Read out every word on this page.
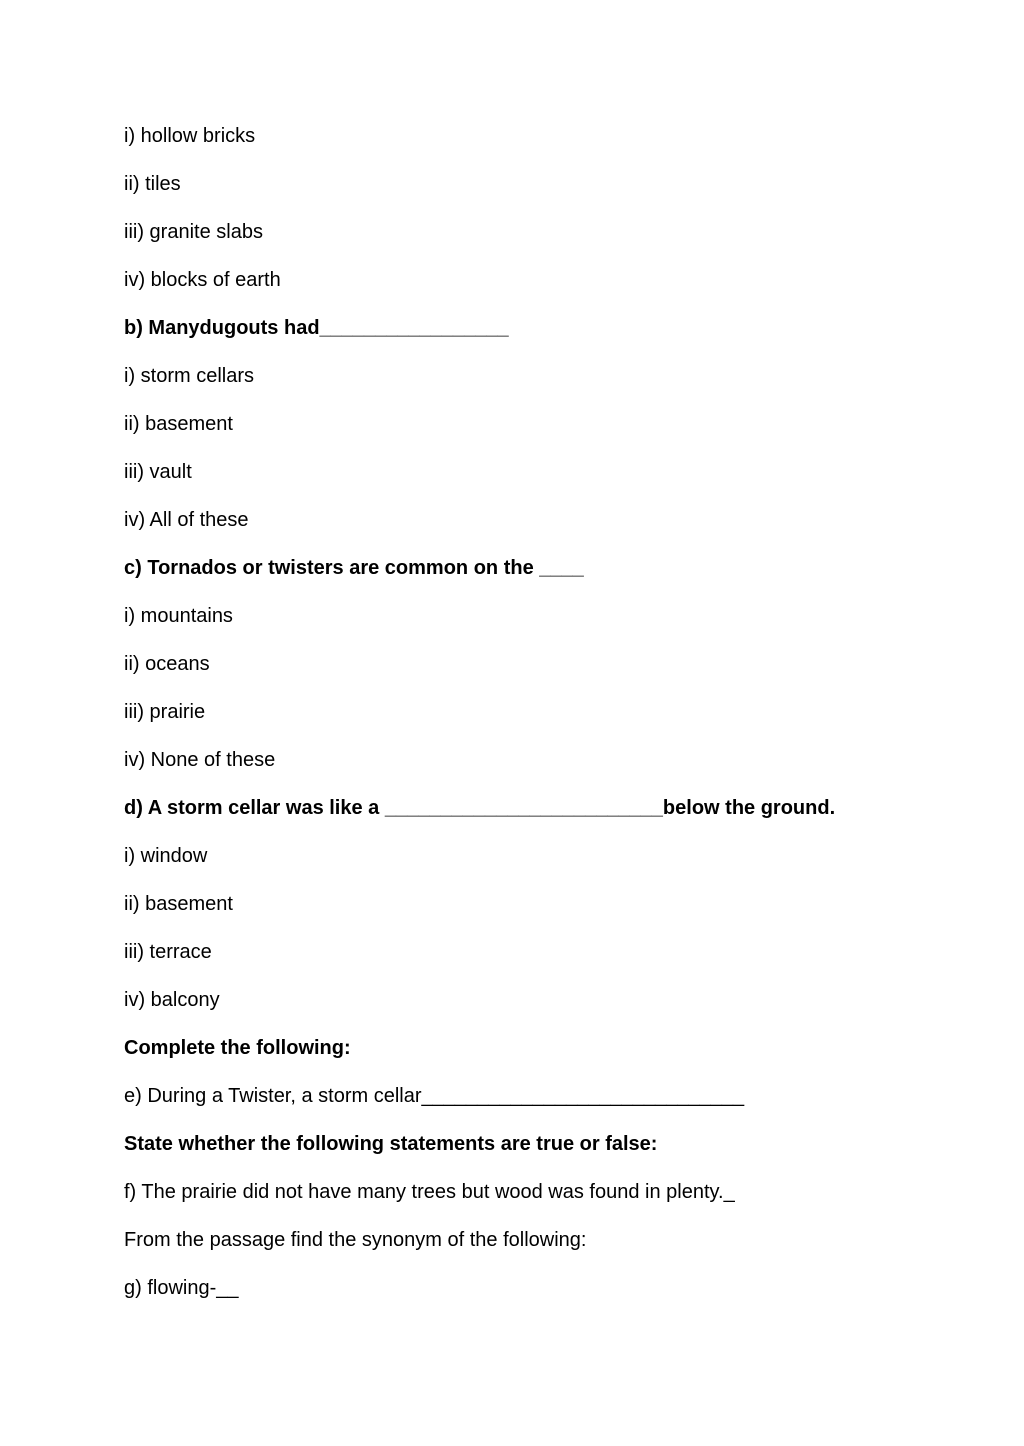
i) hollow bricks
ii) tiles
iii) granite slabs
iv) blocks of earth
b) Manydugouts had_________________
i) storm cellars
ii) basement
iii) vault
iv) All of these
c) Tornados or twisters are common on the ____
i) mountains
ii) oceans
iii) prairie
iv) None of these
d) A storm cellar was like a _________________________below the ground.
i) window
ii) basement
iii) terrace
iv) balcony
Complete the following:
e) During a Twister, a storm cellar_____________________________
State whether the following statements are true or false:
f) The prairie did not have many trees but wood was found in plenty._
From the passage find the synonym of the following:
g) flowing-__
